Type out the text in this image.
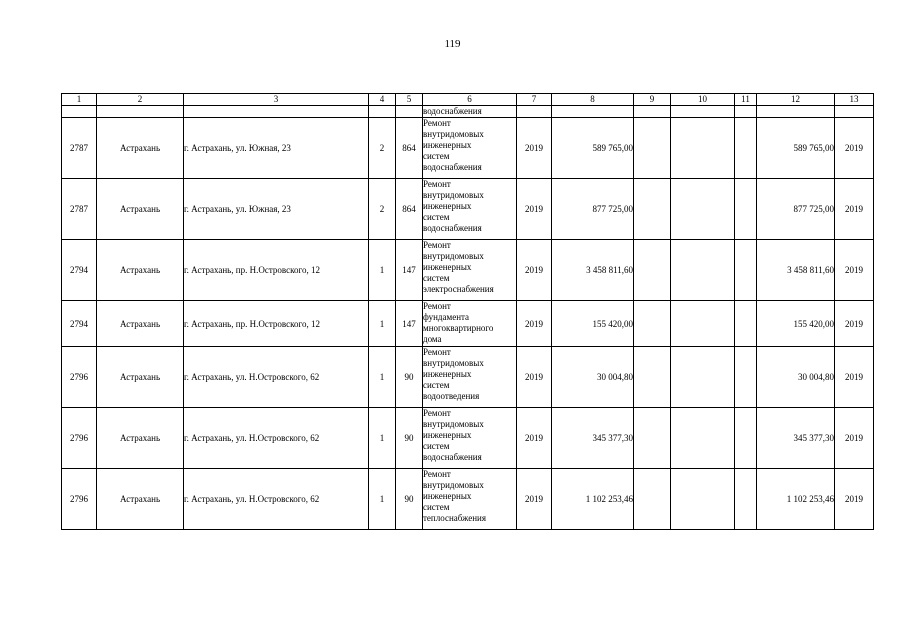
119
1	2	3	4	5	6	7	8	9	10	11	12	13
					водоснабжения							
2787	Астрахань	г. Астрахань, ул. Южная, 23	2	864	Ремонт
внутридомовых
инженерных
систем
водоснабжения	2019	589 765,00				589 765,00	2019
2787	Астрахань	г. Астрахань, ул. Южная, 23	2	864	Ремонт
внутридомовых
инженерных
систем
водоснабжения	2019	877 725,00				877 725,00	2019
2794	Астрахань	г. Астрахань, пр. Н.Островского, 12	1	147	Ремонт
внутридомовых
инженерных
систем
электроснабжения	2019	3 458 811,60				3 458 811,60	2019
2794	Астрахань	г. Астрахань, пр. Н.Островского, 12	1	147	Ремонт
фундамента
многоквартирного
дома	2019	155 420,00				155 420,00	2019
2796	Астрахань	г. Астрахань, ул. Н.Островского, 62	1	90	Ремонт
внутридомовых
инженерных
систем
водоотведения	2019	30 004,80				30 004,80	2019
2796	Астрахань	г. Астрахань, ул. Н.Островского, 62	1	90	Ремонт
внутридомовых
инженерных
систем
водоснабжения	2019	345 377,30				345 377,30	2019
2796	Астрахань	г. Астрахань, ул. Н.Островского, 62	1	90	Ремонт
внутридомовых
инженерных
систем
теплоснабжения	2019	1 102 253,46				1 102 253,46	2019
